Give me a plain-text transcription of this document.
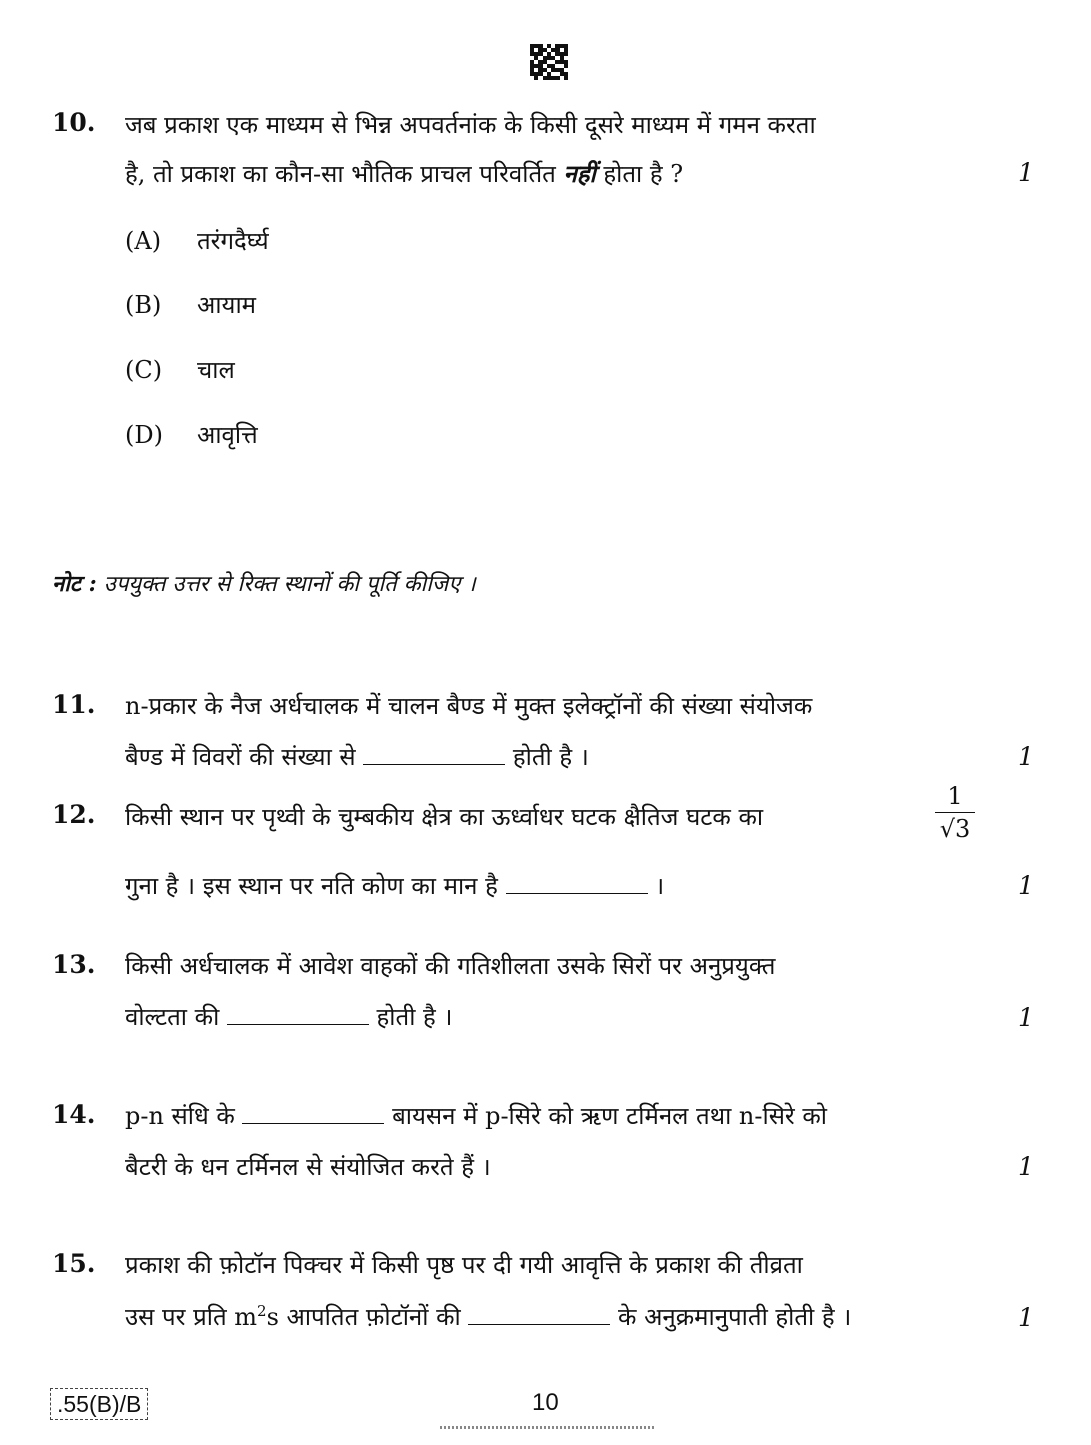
10. जब प्रकाश एक माध्यम से भिन्न अपवर्तनांक के किसी दूसरे माध्यम में गमन करता
है, तो प्रकाश का कौन-सा भौतिक प्राचल परिवर्तित नहीं होता है ?	1
(A) तरंगदैर्घ्य
(B) आयाम
(C) चाल
(D) आवृत्ति
नोट : उपयुक्त उत्तर से रिक्त स्थानों की पूर्ति कीजिए ।
11. n-प्रकार के नैज अर्धचालक में चालन बैण्ड में मुक्त इलेक्ट्रॉनों की संख्या संयोजक
बैण्ड में विवरों की संख्या से	होती है ।	1
12. किसी स्थान पर पृथ्वी के चुम्बकीय क्षेत्र का ऊर्ध्वाधर घटक क्षैतिज घटक का
1
√3
गुना है । इस स्थान पर नति कोण का मान है	।	1
13. किसी अर्धचालक में आवेश वाहकों की गतिशीलता उसके सिरों पर अनुप्रयुक्त
वोल्टता की	होती है ।	1
14. p-n संधि के	बायसन में p-सिरे को ऋण टर्मिनल तथा n-सिरे को
बैटरी के धन टर्मिनल से संयोजित करते हैं ।	1
15. प्रकाश की फ़ोटॉन पिक्चर में किसी पृष्ठ पर दी गयी आवृत्ति के प्रकाश की तीव्रता
उस पर प्रति $m^2s$ आपतित फ़ोटॉनों की	के अनुक्रमानुपाती होती है ।	1
.55(B)/B	10
